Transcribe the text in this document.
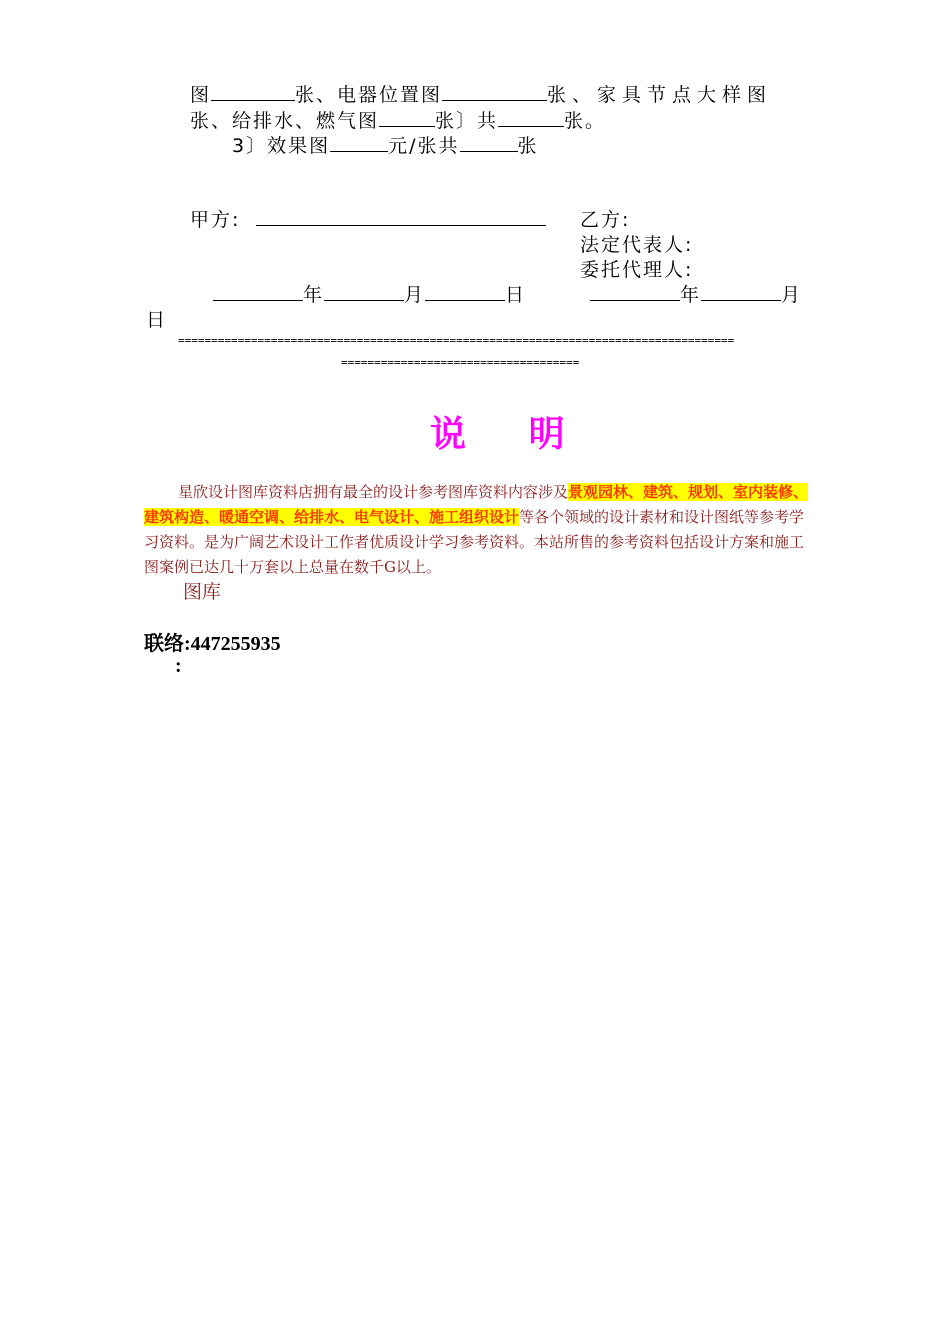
图	张、电器位置图	张、家具节点大样图
张、给排水、燃气图	张〕共	张。
3〕效果图	元/张共	张
甲方:	乙方:
法定代表人:
委托代理人:
年	月	日	年	月
日
====================================================================================
====================================
说     明
星欣设计图库资料店拥有最全的设计参考图库资料内容涉及景观园林、建筑、规划、室内装修、建筑构造、暖通空调、给排水、电气设计、施工组织设计等各个领域的设计素材和设计图纸等参考学习资料。是为广阔艺术设计工作者优质设计学习参考资料。本站所售的参考资料包括设计方案和施工图案例已达几十万套以上总量在数千G以上。
图库
联络:447255935
:
